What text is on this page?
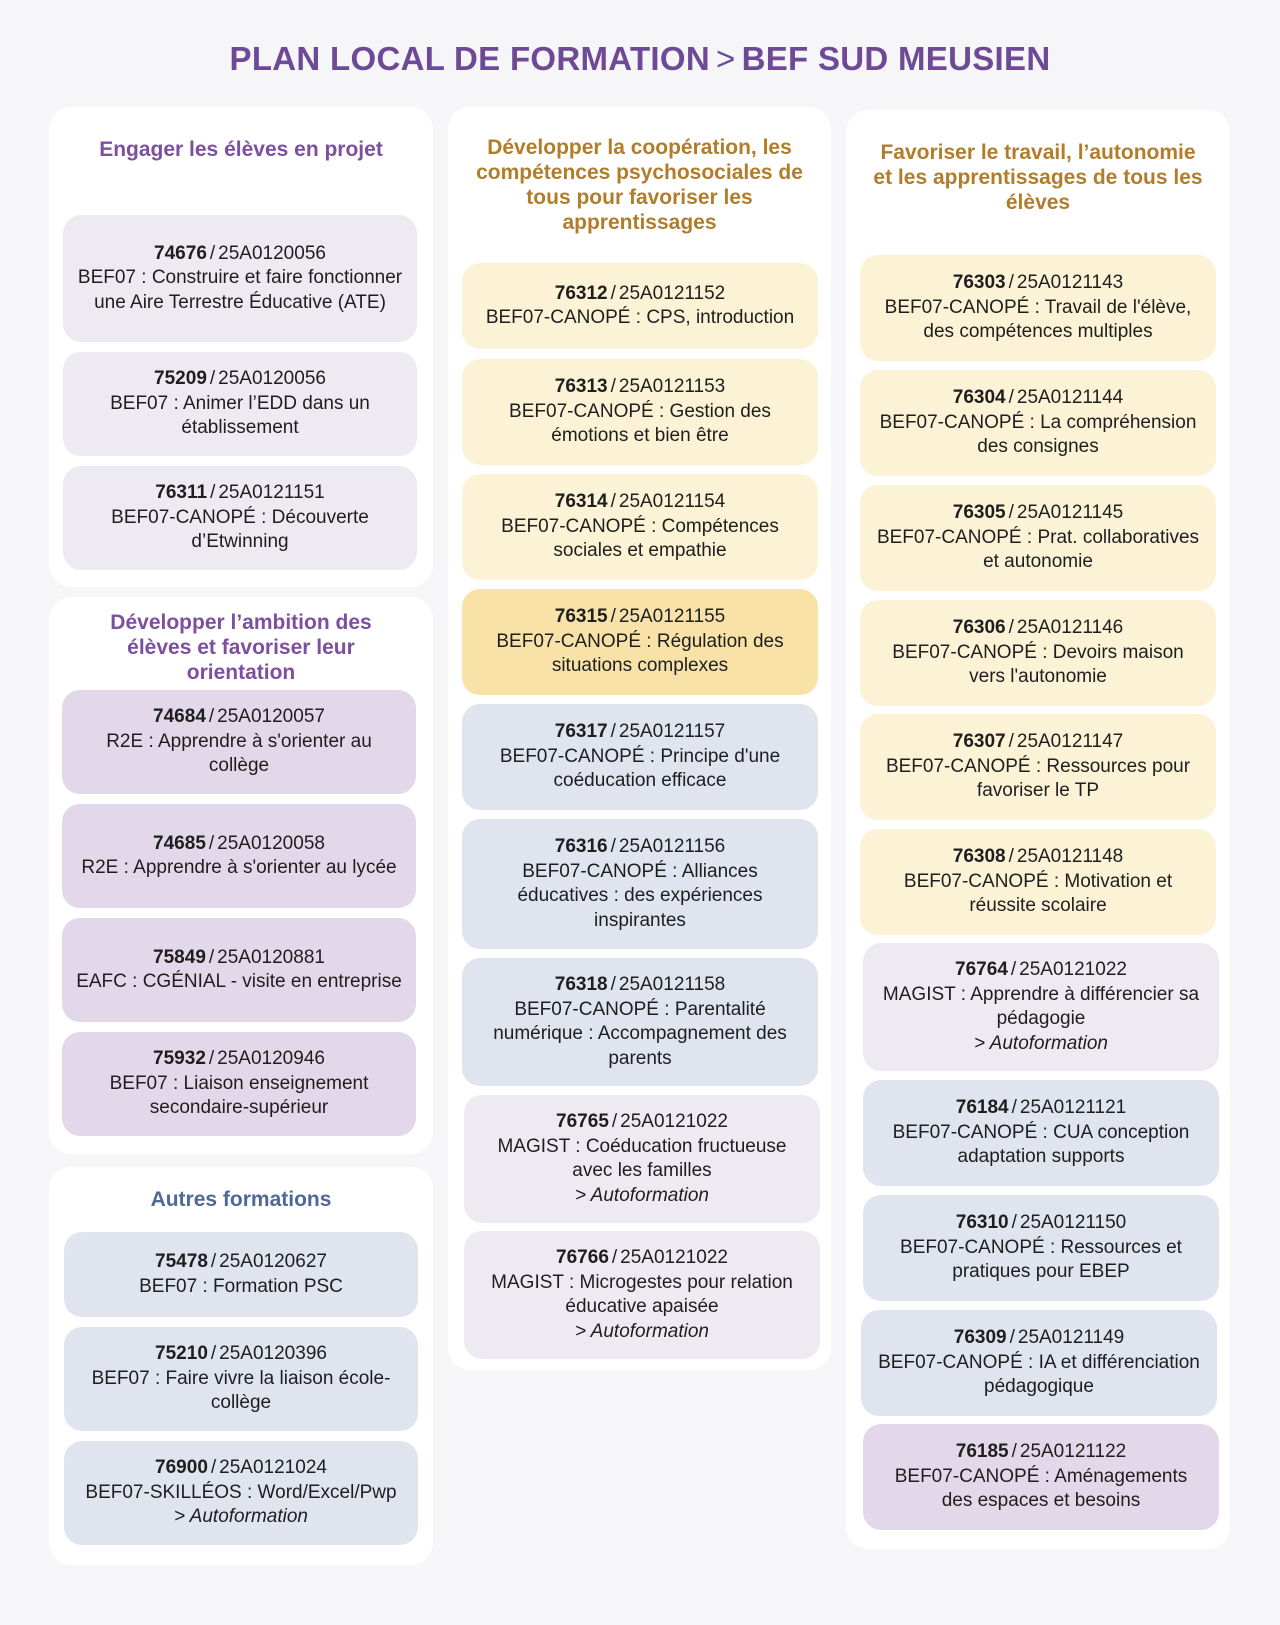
PLAN LOCAL DE FORMATION > BEF SUD MEUSIEN
Engager les élèves en projet
74676 / 25A0120056
BEF07 : Construire et faire fonctionner une Aire Terrestre Éducative (ATE)
75209 / 25A0120056
BEF07 : Animer l’EDD dans un établissement
76311 / 25A0121151
BEF07-CANOPÉ : Découverte d’Etwinning
Développer l’ambition des élèves et favoriser leur orientation
74684 / 25A0120057
R2E : Apprendre à s'orienter au collège
74685 / 25A0120058
R2E : Apprendre à s'orienter au lycée
75849 / 25A0120881
EAFC : CGÉNIAL - visite en entreprise
75932 / 25A0120946
BEF07 : Liaison enseignement secondaire-supérieur
Autres formations
75478 / 25A0120627
BEF07 : Formation PSC
75210 / 25A0120396
BEF07 : Faire vivre la liaison école-collège
76900 / 25A0121024
BEF07-SKILLÉOS : Word/Excel/Pwp
> Autoformation
Développer la coopération, les compétences psychosociales de tous pour favoriser les apprentissages
76312 / 25A0121152
BEF07-CANOPÉ : CPS, introduction
76313 / 25A0121153
BEF07-CANOPÉ : Gestion des émotions et bien être
76314 / 25A0121154
BEF07-CANOPÉ : Compétences sociales et empathie
76315 / 25A0121155
BEF07-CANOPÉ : Régulation des situations complexes
76317 / 25A0121157
BEF07-CANOPÉ : Principe d'une coéducation efficace
76316 / 25A0121156
BEF07-CANOPÉ : Alliances éducatives : des expériences inspirantes
76318 / 25A0121158
BEF07-CANOPÉ : Parentalité numérique : Accompagnement des parents
76765 / 25A0121022
MAGIST : Coéducation fructueuse avec les familles
> Autoformation
76766 / 25A0121022
MAGIST : Microgestes pour relation éducative apaisée
> Autoformation
Favoriser le travail, l’autonomie et les apprentissages de tous les élèves
76303 / 25A0121143
BEF07-CANOPÉ : Travail de l'élève, des compétences multiples
76304 / 25A0121144
BEF07-CANOPÉ : La compréhension des consignes
76305 / 25A0121145
BEF07-CANOPÉ : Prat. collaboratives et autonomie
76306 / 25A0121146
BEF07-CANOPÉ : Devoirs maison vers l'autonomie
76307 / 25A0121147
BEF07-CANOPÉ : Ressources pour favoriser le TP
76308 / 25A0121148
BEF07-CANOPÉ : Motivation et réussite scolaire
76764 / 25A0121022
MAGIST : Apprendre à différencier sa pédagogie
> Autoformation
76184 / 25A0121121
BEF07-CANOPÉ : CUA conception adaptation supports
76310 / 25A0121150
BEF07-CANOPÉ : Ressources et pratiques pour EBEP
76309 / 25A0121149
BEF07-CANOPÉ : IA et différenciation pédagogique
76185 / 25A0121122
BEF07-CANOPÉ : Aménagements des espaces et besoins
